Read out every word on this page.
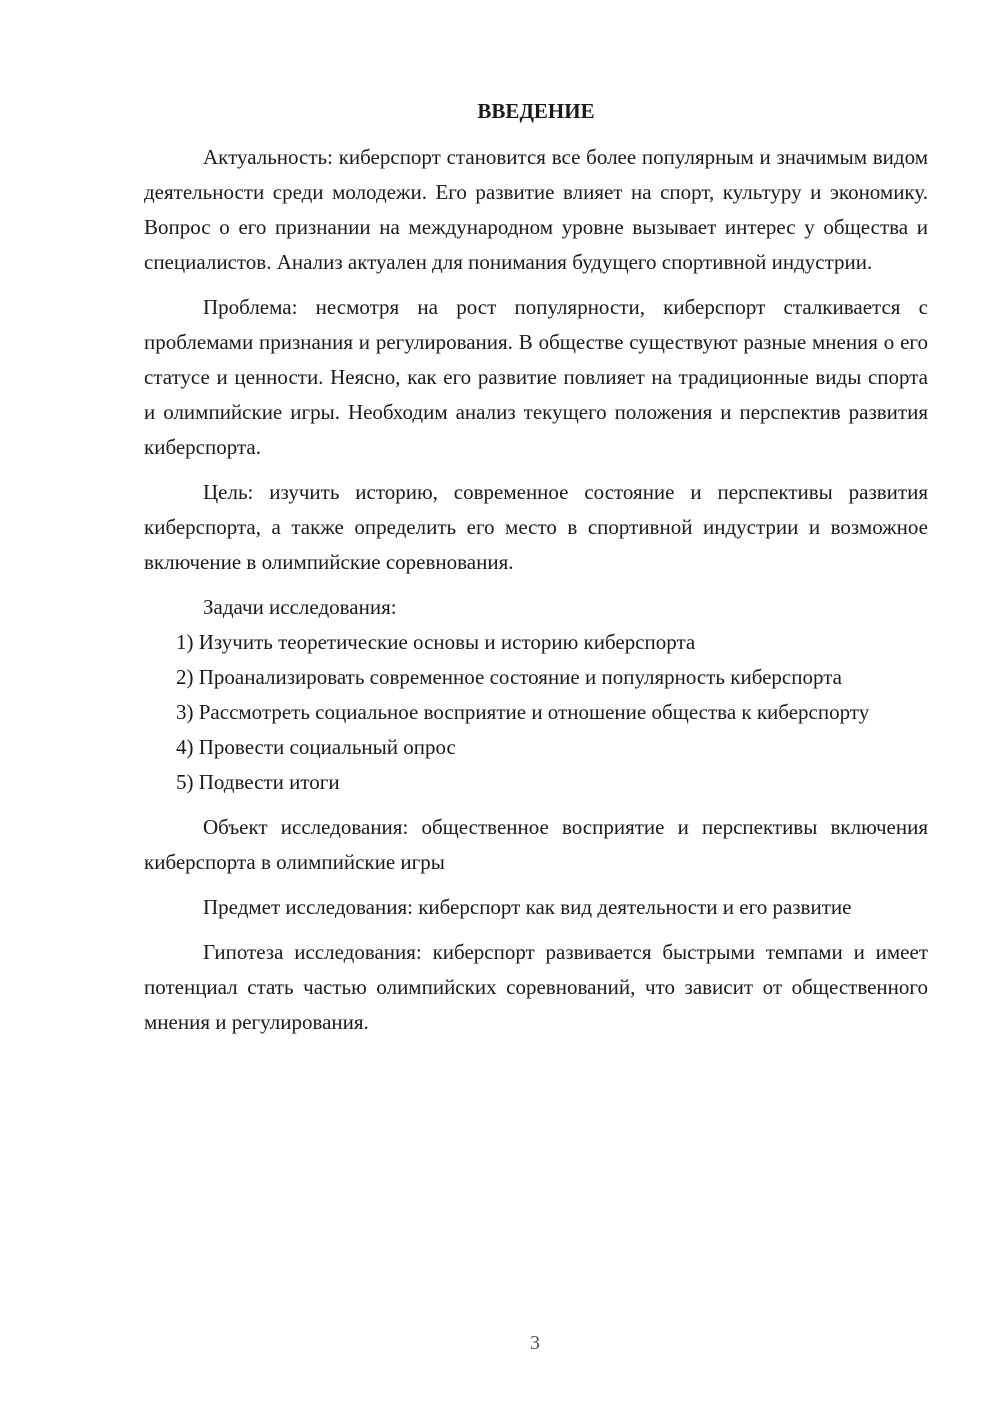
ВВЕДЕНИЕ

Актуальность: киберспорт становится все более популярным и значимым видом деятельности среди молодежи. Его развитие влияет на спорт, культуру и экономику. Вопрос о его признании на международном уровне вызывает интерес у общества и специалистов. Анализ актуален для понимания будущего спортивной индустрии.

Проблема: несмотря на рост популярности, киберспорт сталкивается с проблемами признания и регулирования. В обществе существуют разные мнения о его статусе и ценности. Неясно, как его развитие повлияет на традиционные виды спорта и олимпийские игры. Необходим анализ текущего положения и перспектив развития киберспорта.

Цель: изучить историю, современное состояние и перспективы развития киберспорта, а также определить его место в спортивной индустрии и возможное включение в олимпийские соревнования.

Задачи исследования:

1) Изучить теоретические основы и историю киберспорта

2) Проанализировать современное состояние и популярность киберспорта

3) Рассмотреть социальное восприятие и отношение общества к киберспорту

4) Провести социальный опрос

5) Подвести итоги

Объект исследования: общественное восприятие и перспективы включения киберспорта в олимпийские игры

Предмет исследования: киберспорт как вид деятельности и его развитие

Гипотеза исследования: киберспорт развивается быстрыми темпами и имеет потенциал стать частью олимпийских соревнований, что зависит от общественного мнения и регулирования.

3
